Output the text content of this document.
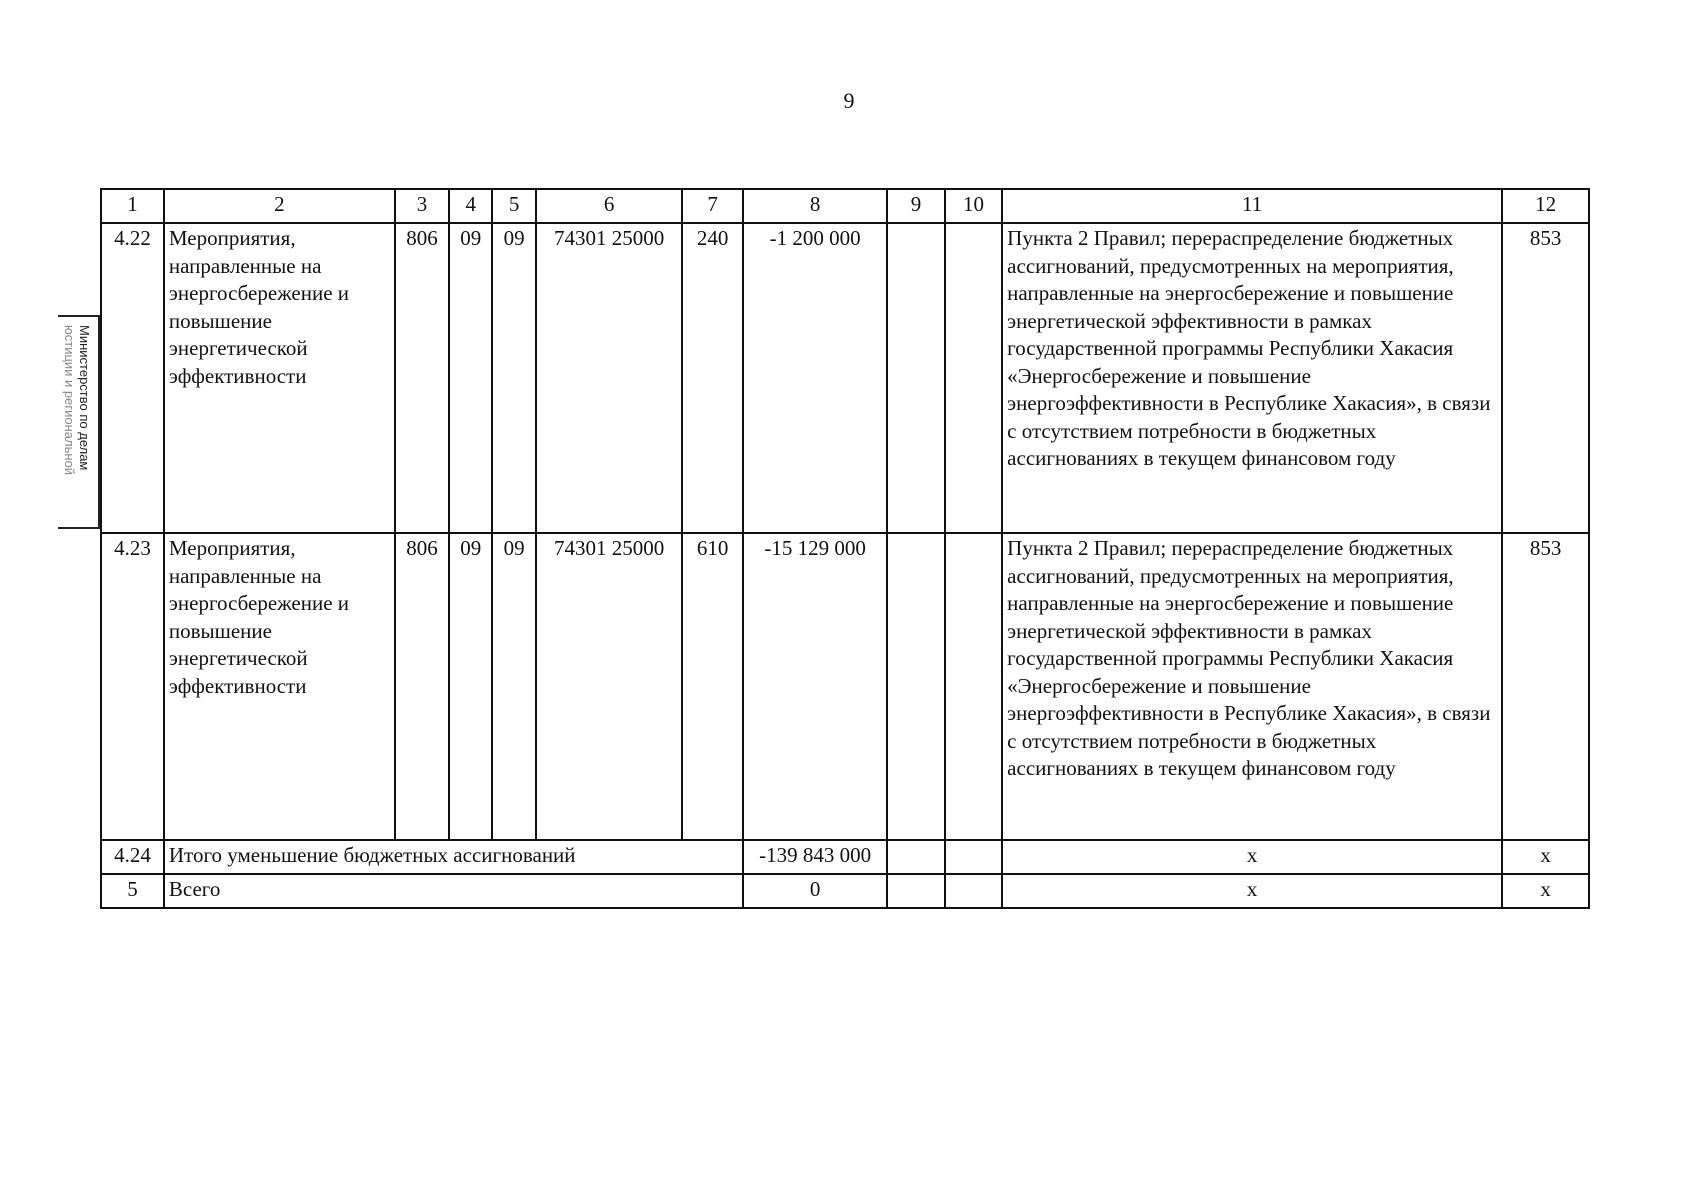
9
Министерство по делам
юстиции и региональной
1	2	3	4	5	6	7	8	9	10	11	12
4.22	Мероприятия, направленные на энергосбережение и повышение энергетической эффективности	806	09	09	74301 25000	240	-1 200 000			Пункта 2 Правил; перераспределение бюджетных ассигнований, предусмотренных на мероприятия, направленные на энергосбережение и повышение энергетической эффективности в рамках государственной программы Республики Хакасия «Энергосбережение и повышение энергоэффективности в Республике Хакасия», в связи с отсутствием потребности в бюджетных ассигнованиях в текущем финансовом году	853
4.23	Мероприятия, направленные на энергосбережение и повышение энергетической эффективности	806	09	09	74301 25000	610	-15 129 000			Пункта 2 Правил; перераспределение бюджетных ассигнований, предусмотренных на мероприятия, направленные на энергосбережение и повышение энергетической эффективности в рамках государственной программы Республики Хакасия «Энергосбережение и повышение энергоэффективности в Республике Хакасия», в связи с отсутствием потребности в бюджетных ассигнованиях в текущем финансовом году	853
4.24	Итого уменьшение бюджетных ассигнований						-139 843 000			х	х
5	Всего						0			х	х
